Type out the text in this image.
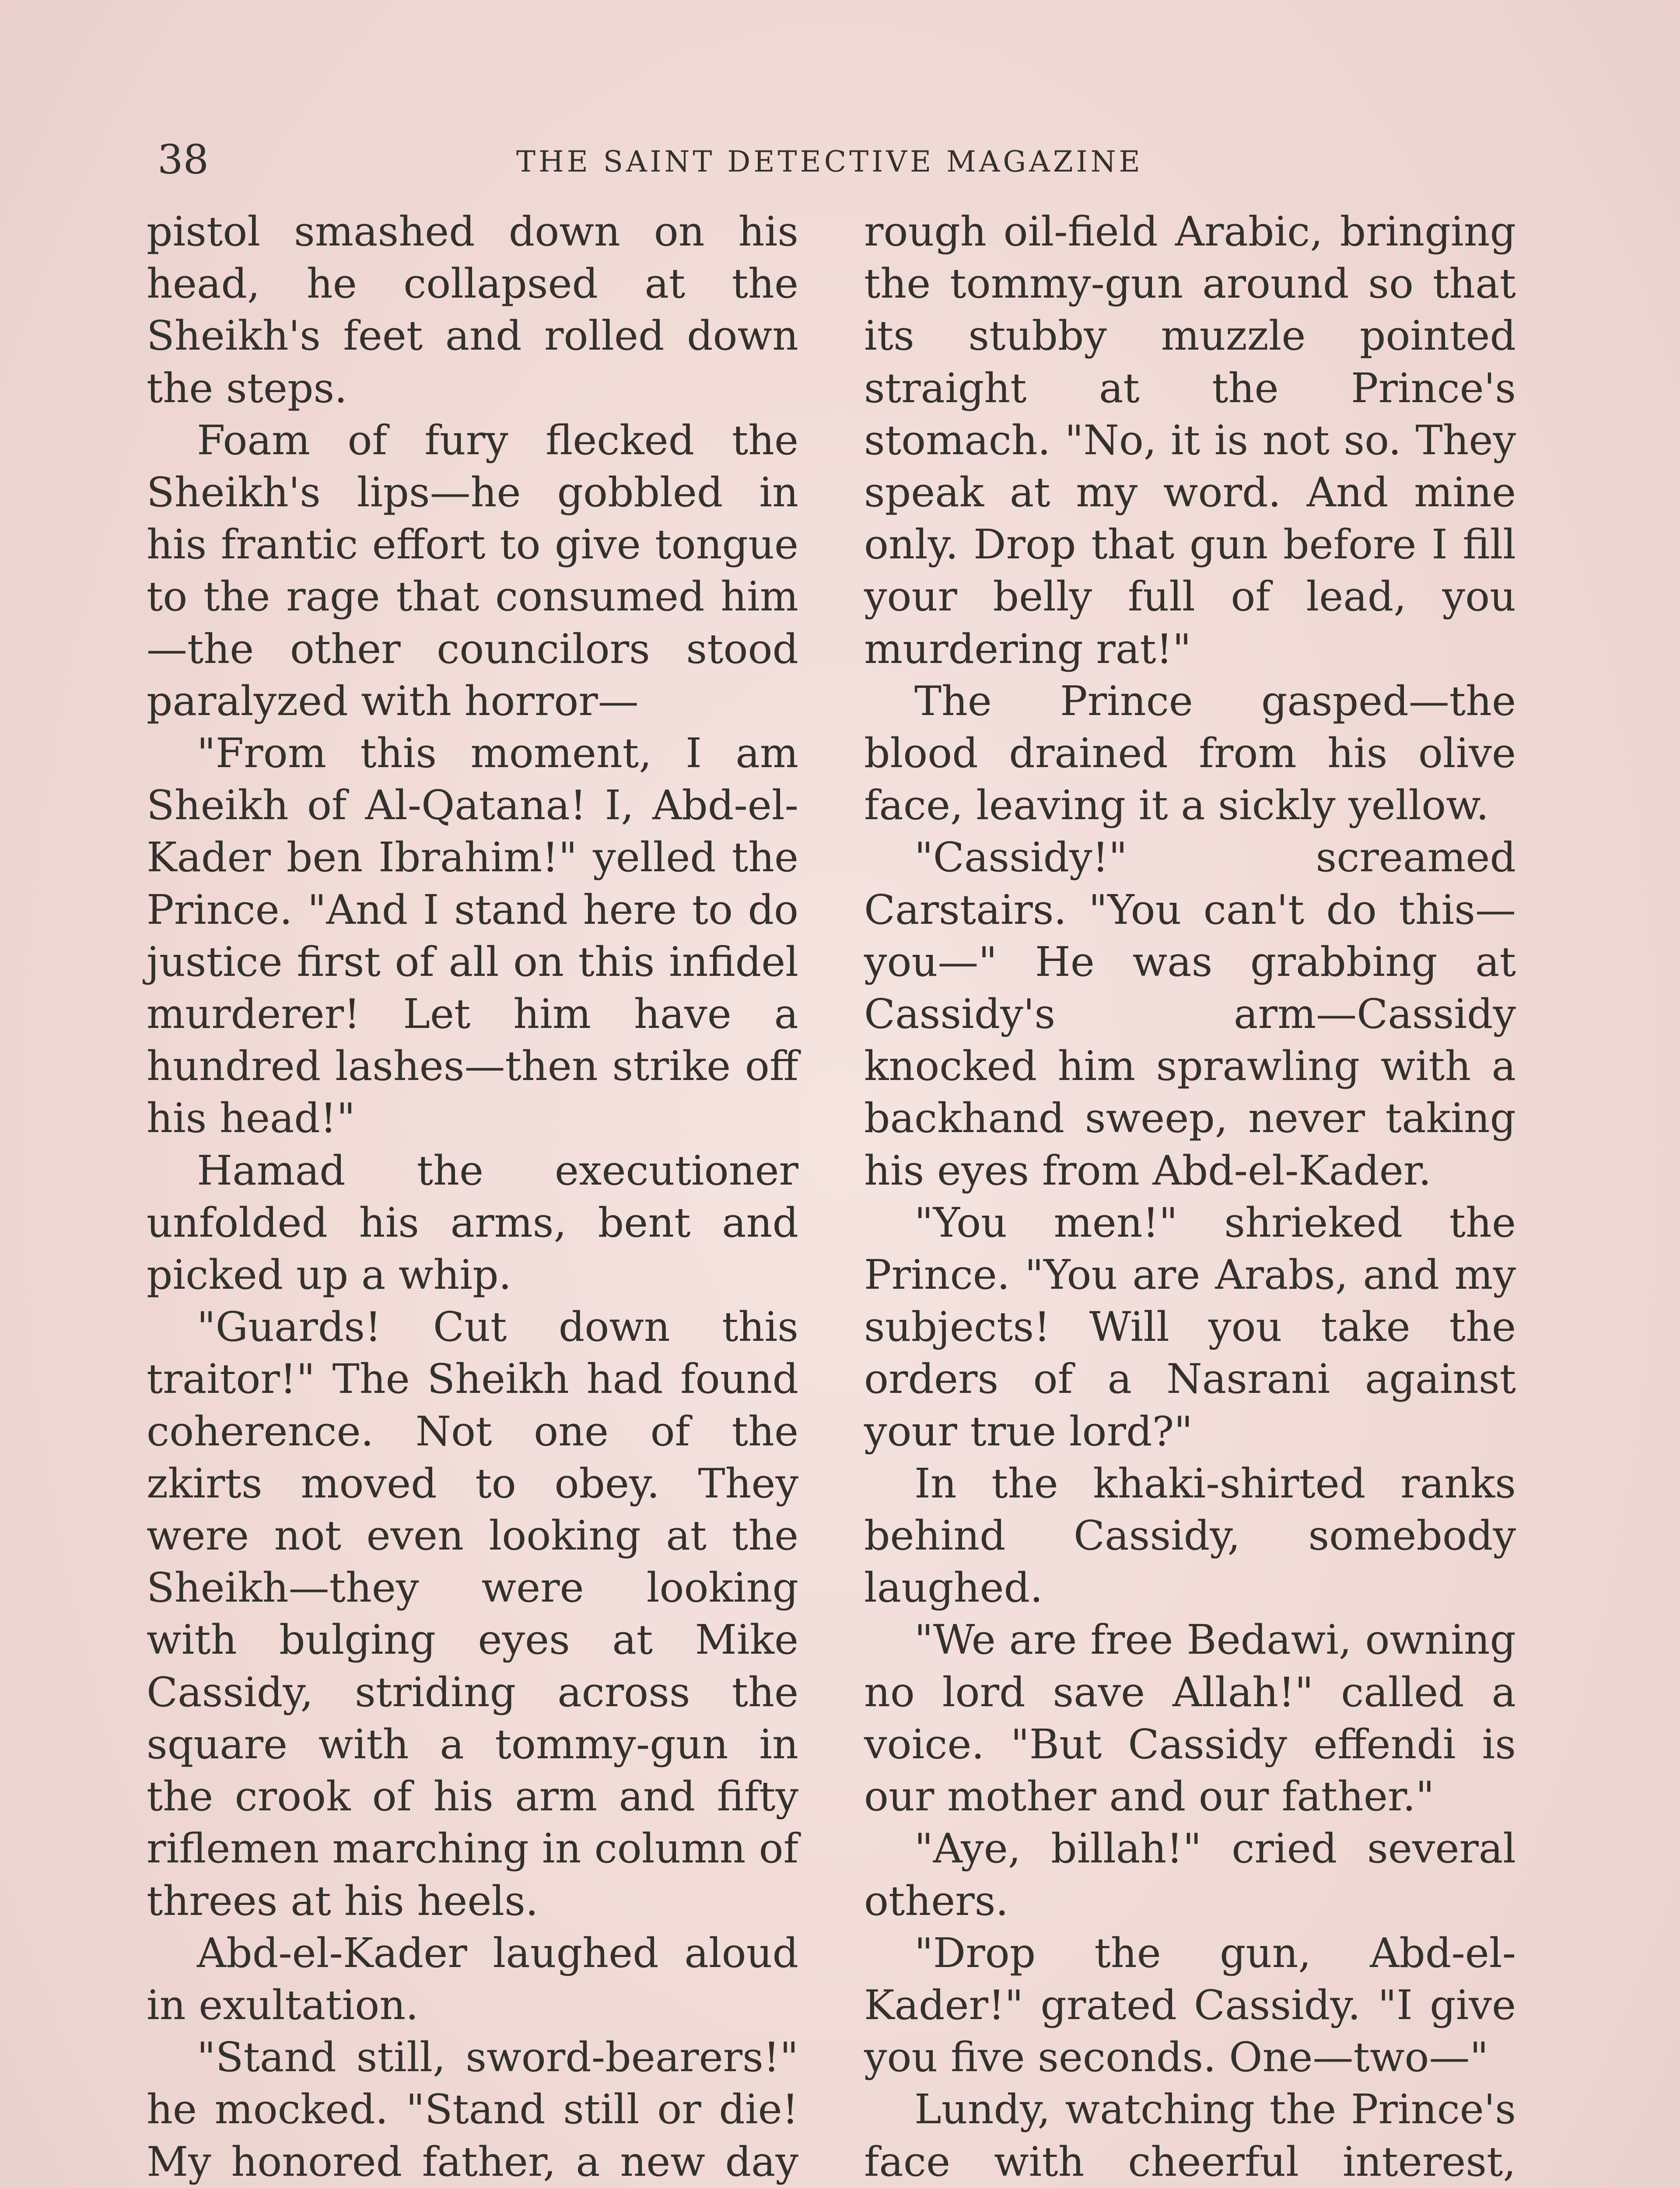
38	THE SAINT DETECTIVE MAGAZINE

pistol smashed down on his head, he collapsed at the Sheikh's feet and rolled down the steps.

Foam of fury flecked the Sheikh's lips—he gobbled in his frantic effort to give tongue to the rage that consumed him—the other councilors stood paralyzed with horror—

"From this moment, I am Sheikh of Al-Qatana! I, Abd-el-Kader ben Ibrahim!" yelled the Prince. "And I stand here to do justice first of all on this infidel murderer! Let him have a hundred lashes—then strike off his head!"

Hamad the executioner unfolded his arms, bent and picked up a whip.

"Guards! Cut down this traitor!" The Sheikh had found coherence. Not one of the zkirts moved to obey. They were not even looking at the Sheikh—they were looking with bulging eyes at Mike Cassidy, striding across the square with a tommy-gun in the crook of his arm and fifty riflemen marching in column of threes at his heels.

Abd-el-Kader laughed aloud in exultation.

"Stand still, sword-bearers!" he mocked. "Stand still or die! My honored father, a new day

rough oil-field Arabic, bringing the tommy-gun around so that its stubby muzzle pointed straight at the Prince's stomach. "No, it is not so. They speak at my word. And mine only. Drop that gun before I fill your belly full of lead, you murdering rat!"

The Prince gasped—the blood drained from his olive face, leaving it a sickly yellow.

"Cassidy!" screamed Carstairs. "You can't do this—you—" He was grabbing at Cassidy's arm—Cassidy knocked him sprawling with a backhand sweep, never taking his eyes from Abd-el-Kader.

"You men!" shrieked the Prince. "You are Arabs, and my subjects! Will you take the orders of a Nasrani against your true lord?"

In the khaki-shirted ranks behind Cassidy, somebody laughed.

"We are free Bedawi, owning no lord save Allah!" called a voice. "But Cassidy effendi is our mother and our father."

"Aye, billah!" cried several others.

"Drop the gun, Abd-el-Kader!" grated Cassidy. "I give you five seconds. One—two—"

Lundy, watching the Prince's face with cheerful interest,
